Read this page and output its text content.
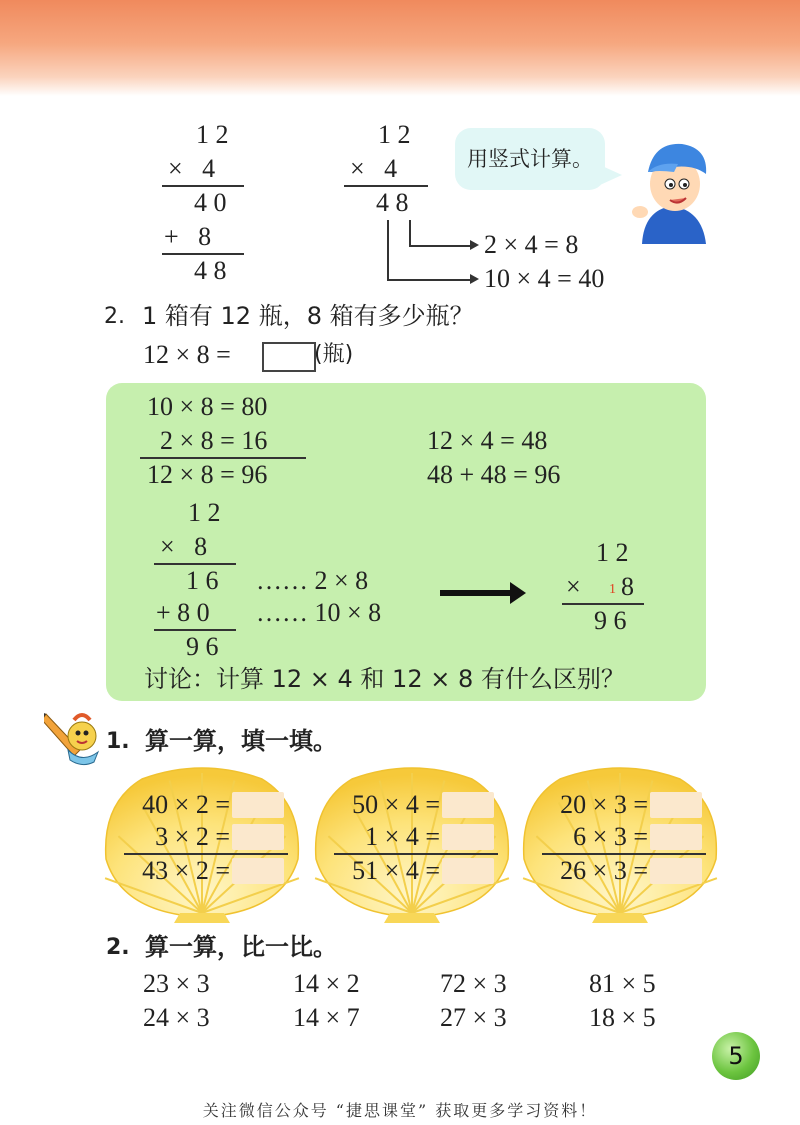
1 2
×   4
4 0
+   8
4 8
1 2
×   4
4 8
2 × 4 = 8
10 × 4 = 40
用竖式计算。
2. 1 箱有 12 瓶，8 箱有多少瓶？
12 × 8 =	(瓶)
10 × 8 = 80
2 × 8 = 16
12 × 8 = 96
12 × 4 = 48
48 + 48 = 96
1 2
×   8
1 6
+ 8 0
9 6
…… 2 × 8
…… 10 × 8
1 2
× 1 8
9 6
讨论：计算 12 × 4 和 12 × 8 有什么区别？
1. 算一算，填一填。
40 × 2 =
3 × 2 =
43 × 2 =
50 × 4 =
1 × 4 =
51 × 4 =
20 × 3 =
6 × 3 =
26 × 3 =
2. 算一算，比一比。
23 × 3	14 × 2	72 × 3	81 × 5
24 × 3	14 × 7	27 × 3	18 × 5
5
关注微信公众号 “捷思课堂” 获取更多学习资料！
